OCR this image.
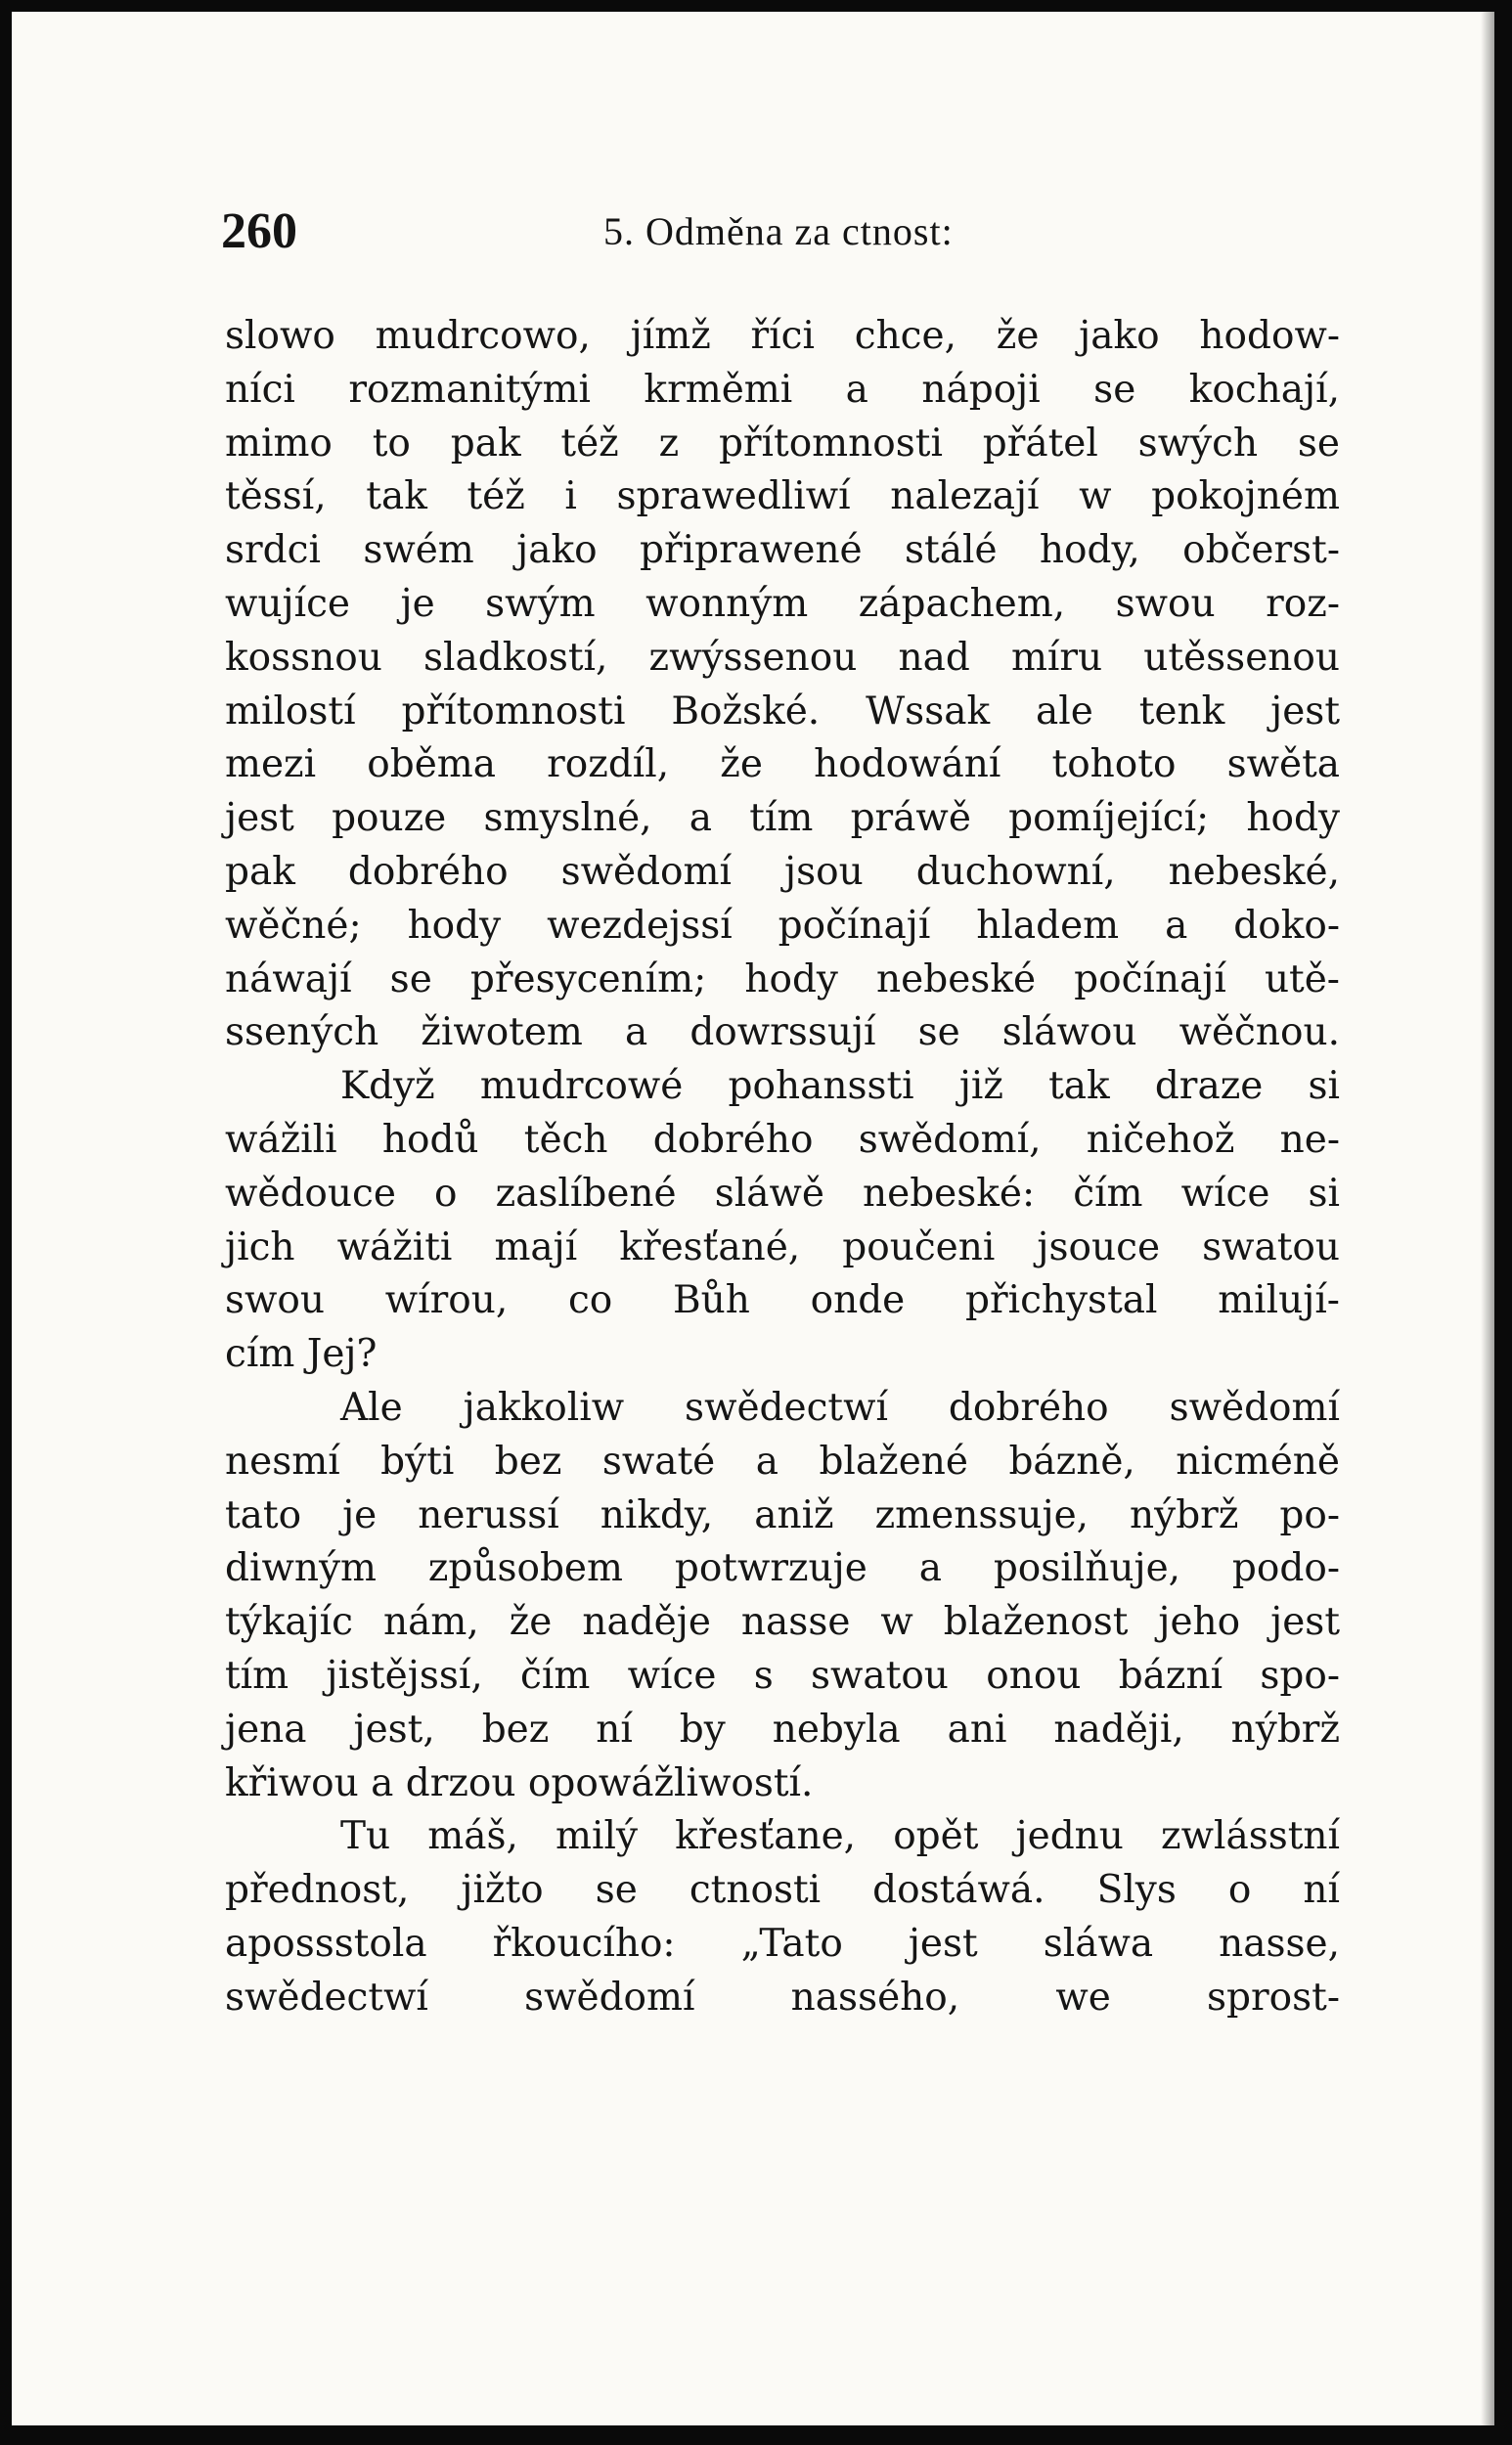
260	5. Odměna za ctnost:
slowo mudrcowo, jímž říci chce, že jako hodow-
níci rozmanitými krměmi a nápoji se kochají,
mimo to pak též z přítomnosti přátel swých se
těssí, tak též i sprawedliwí nalezají w pokojném
srdci swém jako připrawené stálé hody, občerst-
wujíce je swým wonným zápachem, swou roz-
kossnou sladkostí, zwýssenou nad míru utěssenou
milostí přítomnosti Božské. Wssak ale tenk jest
mezi oběma rozdíl, že hodowání tohoto swěta
jest pouze smyslné, a tím práwě pomíjející; hody
pak dobrého swědomí jsou duchowní, nebeské,
wěčné; hody wezdejssí počínají hladem a doko-
náwají se přesycením; hody nebeské počínají utě-
ssených žiwotem a dowrssují se sláwou wěčnou.
Když mudrcowé pohanssti již tak draze si
wážili hodů těch dobrého swědomí, ničehož ne-
wědouce o zaslíbené sláwě nebeské: čím wíce si
jich wážiti mají křesťané, poučeni jsouce swatou
swou wírou, co Bůh onde přichystal milují-
cím Jej?
Ale jakkoliw swědectwí dobrého swědomí
nesmí býti bez swaté a blažené bázně, nicméně
tato je nerussí nikdy, aniž zmenssuje, nýbrž po-
diwným způsobem potwrzuje a posilňuje, podo-
týkajíc nám, že naděje nasse w blaženost jeho jest
tím jistějssí, čím wíce s swatou onou bázní spo-
jena jest, bez ní by nebyla ani naději, nýbrž
křiwou a drzou opowážliwostí.
Tu máš, milý křesťane, opět jednu zwlásstní
přednost, jižto se ctnosti dostáwá. Slys o ní
apossstola řkoucího: „Tato jest sláwa nasse,
swědectwí swědomí nassého, we sprost-
